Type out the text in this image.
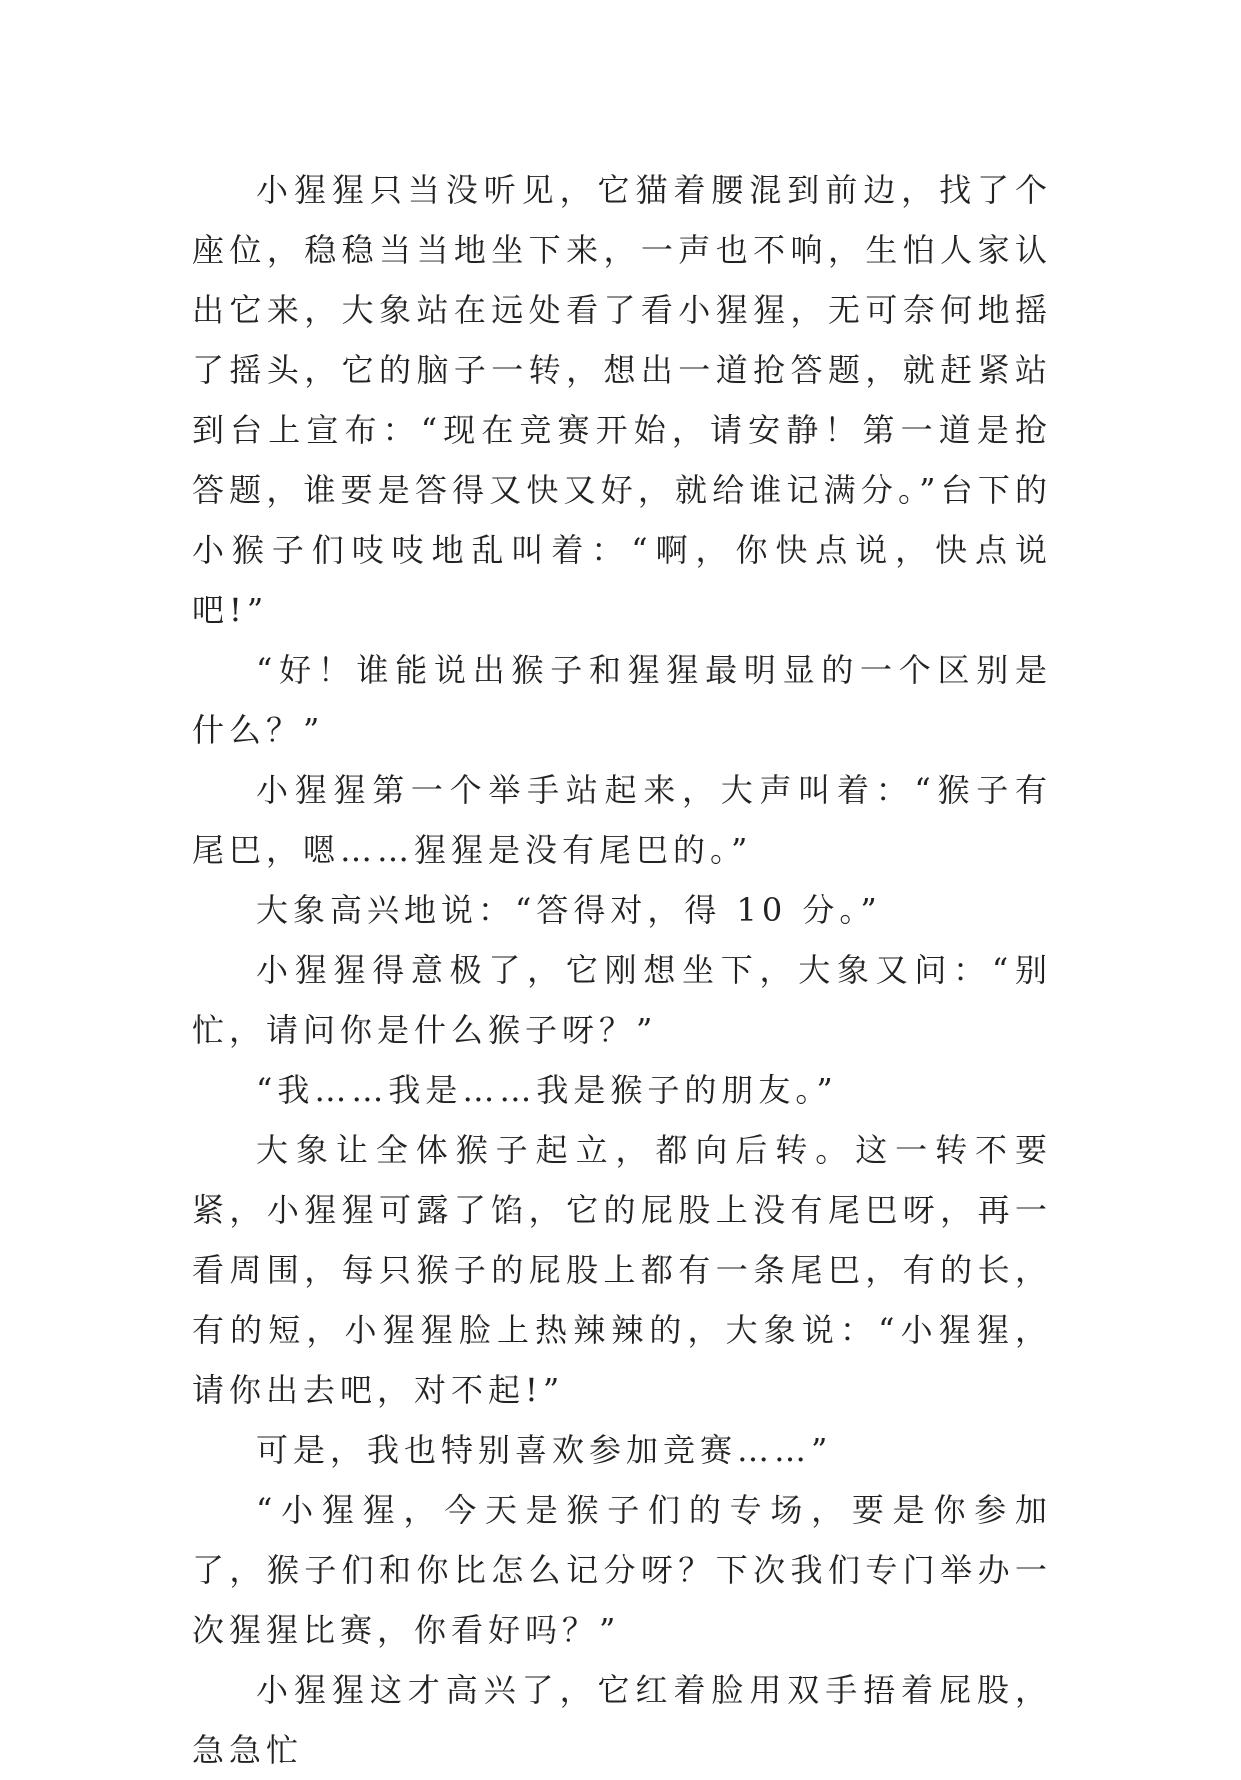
小猩猩只当没听见，它猫着腰混到前边，找了个座位，稳稳当当地坐下来，一声也不响，生怕人家认出它来，大象站在远处看了看小猩猩，无可奈何地摇了摇头，它的脑子一转，想出一道抢答题，就赶紧站到台上宣布：“现在竞赛开始，请安静！第一道是抢答题，谁要是答得又快又好，就给谁记满分。”台下的小猴子们吱吱地乱叫着：“啊，你快点说，快点说吧!”

“好！谁能说出猴子和猩猩最明显的一个区别是什么？”

小猩猩第一个举手站起来，大声叫着：“猴子有尾巴，嗯……猩猩是没有尾巴的。”

大象高兴地说：“答得对，得 10 分。”

小猩猩得意极了，它刚想坐下，大象又问：“别忙，请问你是什么猴子呀？”

“我……我是……我是猴子的朋友。”

大象让全体猴子起立，都向后转。这一转不要紧，小猩猩可露了馅，它的屁股上没有尾巴呀，再一看周围，每只猴子的屁股上都有一条尾巴，有的长，有的短，小猩猩脸上热辣辣的，大象说：“小猩猩，请你出去吧，对不起!”

可是，我也特别喜欢参加竞赛……”

“小猩猩，今天是猴子们的专场，要是你参加了，猴子们和你比怎么记分呀？下次我们专门举办一次猩猩比赛，你看好吗？”

小猩猩这才高兴了，它红着脸用双手捂着屁股，急急忙
